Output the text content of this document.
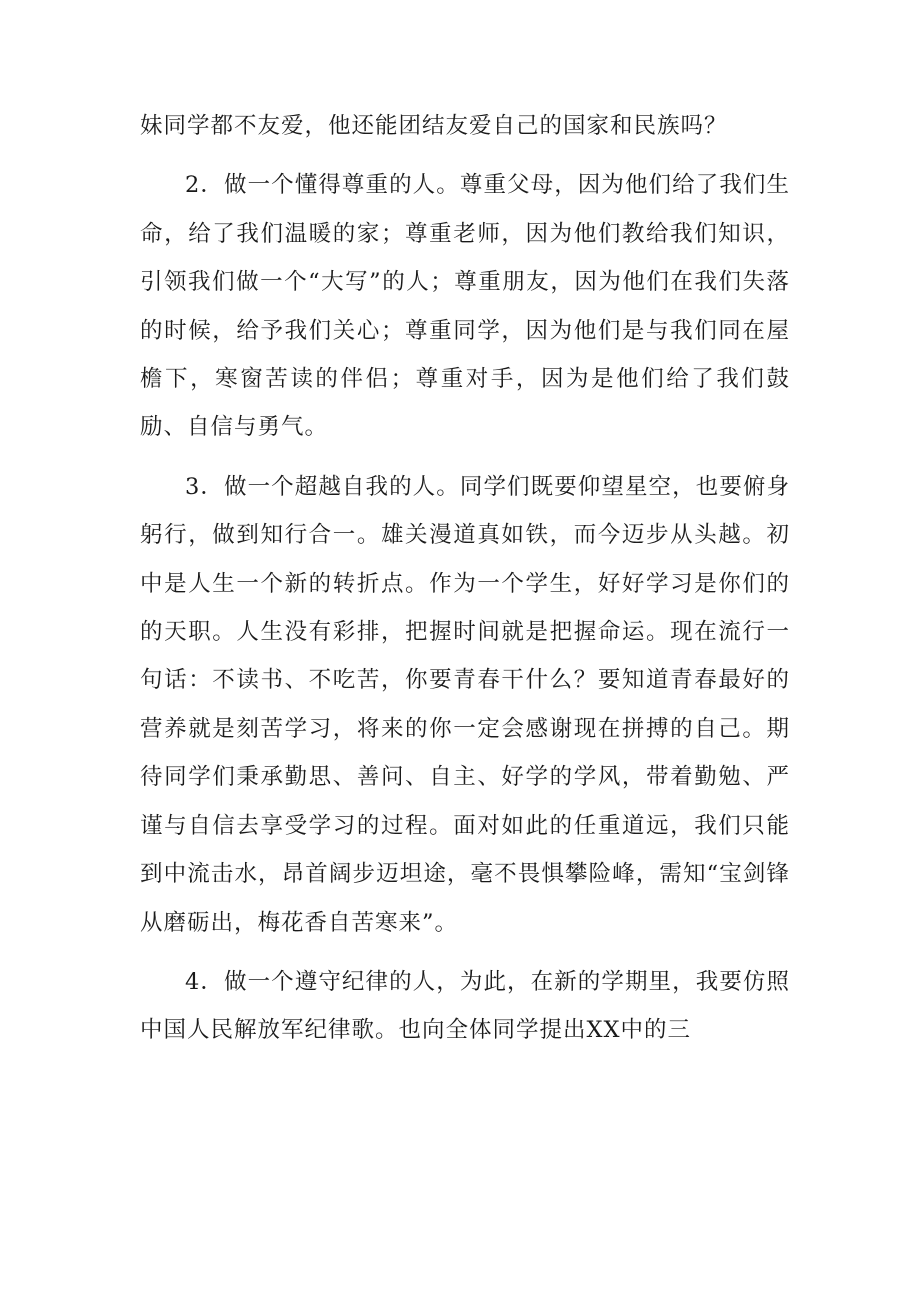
妹同学都不友爱，他还能团结友爱自己的国家和民族吗？

2．做一个懂得尊重的人。尊重父母，因为他们给了我们生命，给了我们温暖的家；尊重老师，因为他们教给我们知识，引领我们做一个“大写”的人；尊重朋友，因为他们在我们失落的时候，给予我们关心；尊重同学，因为他们是与我们同在屋檐下，寒窗苦读的伴侣；尊重对手，因为是他们给了我们鼓励、自信与勇气。

3．做一个超越自我的人。同学们既要仰望星空，也要俯身躬行，做到知行合一。雄关漫道真如铁，而今迈步从头越。初中是人生一个新的转折点。作为一个学生，好好学习是你们的的天职。人生没有彩排，把握时间就是把握命运。现在流行一句话：不读书、不吃苦，你要青春干什么？要知道青春最好的营养就是刻苦学习，将来的你一定会感谢现在拼搏的自己。期待同学们秉承勤思、善问、自主、好学的学风，带着勤勉、严谨与自信去享受学习的过程。面对如此的任重道远，我们只能到中流击水，昂首阔步迈坦途，毫不畏惧攀险峰，需知“宝剑锋从磨砺出，梅花香自苦寒来”。

4．做一个遵守纪律的人，为此，在新的学期里，我要仿照中国人民解放军纪律歌。也向全体同学提出XX中的三
